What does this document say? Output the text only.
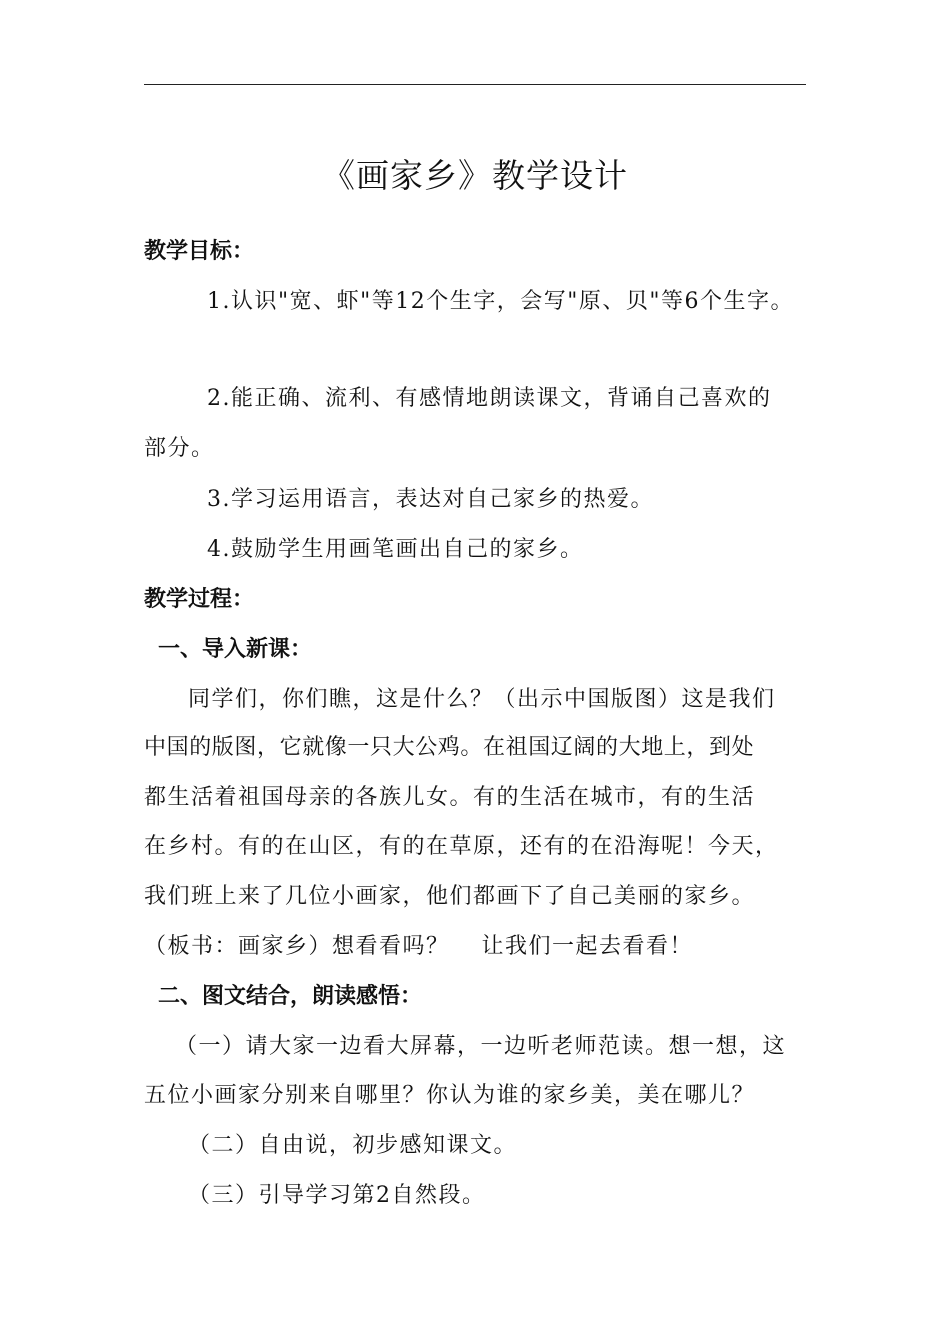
《画家乡》教学设计
教学目标：
1.认识"宽、虾"等12个生字，会写"原、贝"等6个生字。
2.能正确、流利、有感情地朗读课文，背诵自己喜欢的
部分。
3.学习运用语言，表达对自己家乡的热爱。
4.鼓励学生用画笔画出自己的家乡。
教学过程：
一、导入新课：
同学们，你们瞧，这是什么？（出示中国版图）这是我们
中国的版图，它就像一只大公鸡。在祖国辽阔的大地上，到处
都生活着祖国母亲的各族儿女。有的生活在城市，有的生活
在乡村。有的在山区，有的在草原，还有的在沿海呢！今天，
我们班上来了几位小画家，他们都画下了自己美丽的家乡。
（板书：画家乡）想看看吗？　 让我们一起去看看！
二、图文结合，朗读感悟：
（一）请大家一边看大屏幕，一边听老师范读。想一想，这
五位小画家分别来自哪里？你认为谁的家乡美，美在哪儿？
（二）自由说，初步感知课文。
（三）引导学习第2自然段。
